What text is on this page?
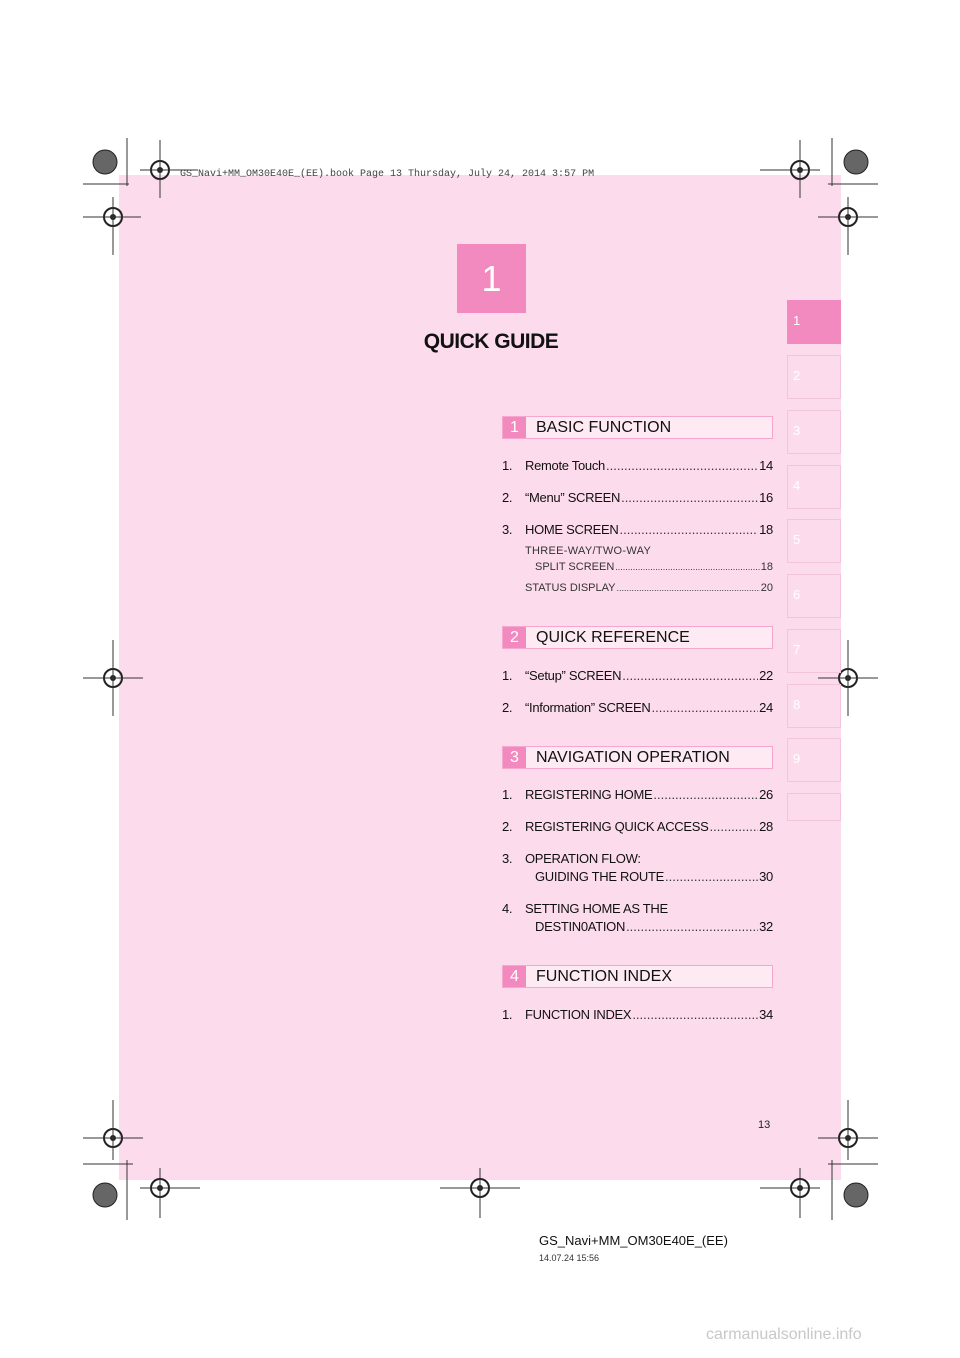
GS_Navi+MM_OM30E40E_(EE).book Page 13 Thursday, July 24, 2014 3:57 PM
1
QUICK GUIDE
1
2
3
4
5
6
7
8
9
1	BASIC FUNCTION
1. Remote Touch .....	14
2. “Menu” SCREEN .....	16
3. HOME SCREEN .....	18
THREE-WAY/TWO-WAY
SPLIT SCREEN .....	18
STATUS DISPLAY .....	20
2	QUICK REFERENCE
1. “Setup” SCREEN .....	22
2. “Information” SCREEN .....	24
3	NAVIGATION OPERATION
1. REGISTERING HOME .....	26
2. REGISTERING QUICK ACCESS .....	28
3. OPERATION FLOW:
GUIDING THE ROUTE .....	30
4. SETTING HOME AS THE
DESTIN0ATION .....	32
4	FUNCTION INDEX
1. FUNCTION INDEX .....	34
13
GS_Navi+MM_OM30E40E_(EE)
14.07.24 15:56
carmanualsonline.info
